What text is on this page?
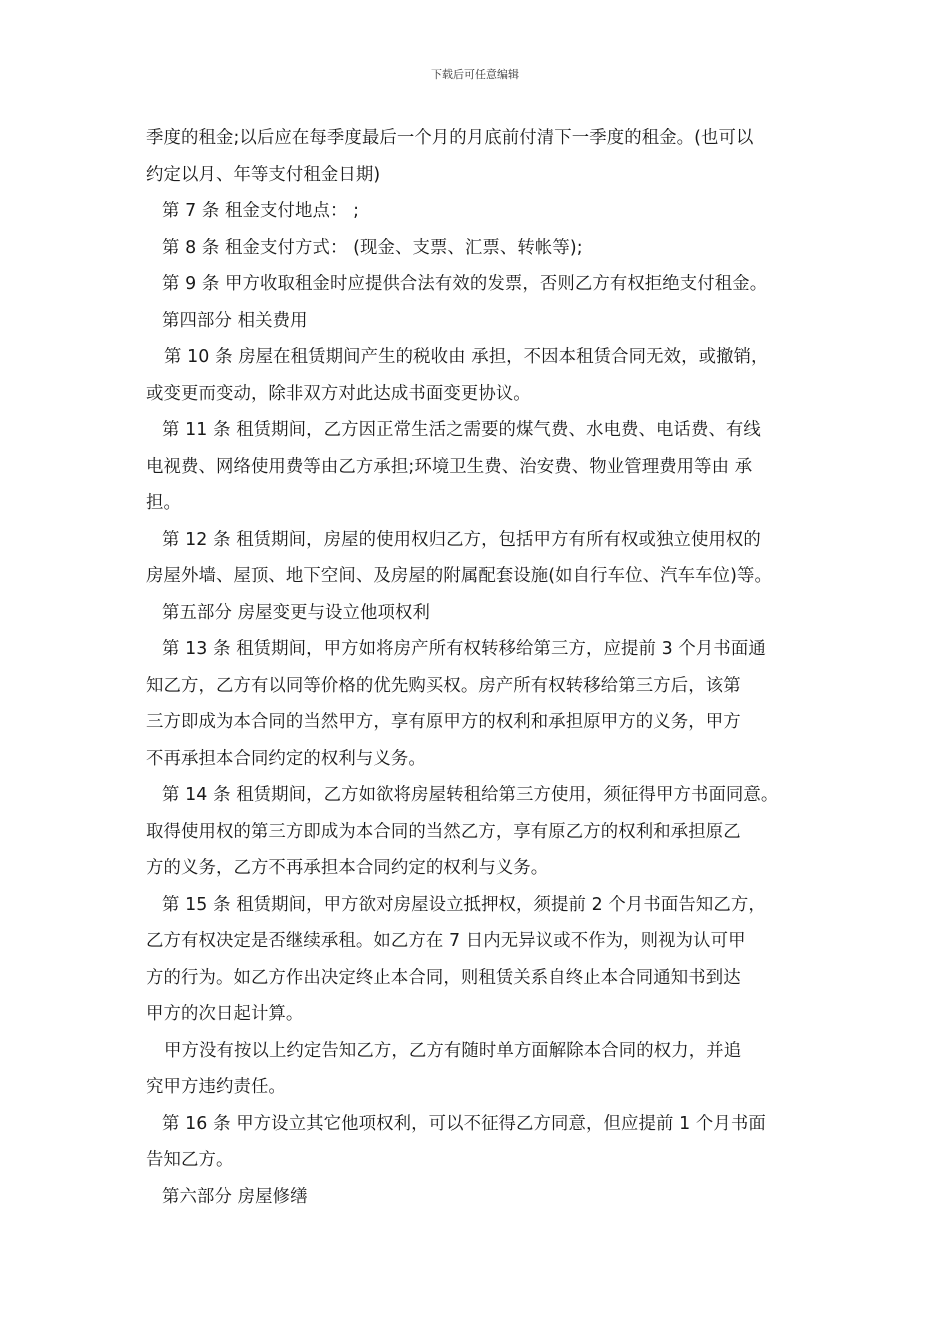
下载后可任意编辑
季度的租金;以后应在每季度最后一个月的月底前付清下一季度的租金。(也可以
约定以月、年等支付租金日期)
第 7 条 租金支付地点： ;
第 8 条 租金支付方式： (现金、支票、汇票、转帐等);
第 9 条 甲方收取租金时应提供合法有效的发票，否则乙方有权拒绝支付租金。
第四部分 相关费用
第 10 条 房屋在租赁期间产生的税收由 承担，不因本租赁合同无效，或撤销，
或变更而变动，除非双方对此达成书面变更协议。
第 11 条 租赁期间，乙方因正常生活之需要的煤气费、水电费、电话费、有线
电视费、网络使用费等由乙方承担;环境卫生费、治安费、物业管理费用等由 承
担。
第 12 条 租赁期间，房屋的使用权归乙方，包括甲方有所有权或独立使用权的
房屋外墙、屋顶、地下空间、及房屋的附属配套设施(如自行车位、汽车车位)等。
第五部分 房屋变更与设立他项权利
第 13 条 租赁期间，甲方如将房产所有权转移给第三方，应提前 3 个月书面通
知乙方，乙方有以同等价格的优先购买权。房产所有权转移给第三方后，该第
三方即成为本合同的当然甲方，享有原甲方的权利和承担原甲方的义务，甲方
不再承担本合同约定的权利与义务。
第 14 条 租赁期间，乙方如欲将房屋转租给第三方使用，须征得甲方书面同意。
取得使用权的第三方即成为本合同的当然乙方，享有原乙方的权利和承担原乙
方的义务，乙方不再承担本合同约定的权利与义务。
第 15 条 租赁期间，甲方欲对房屋设立抵押权，须提前 2 个月书面告知乙方，
乙方有权决定是否继续承租。如乙方在 7 日内无异议或不作为，则视为认可甲
方的行为。如乙方作出决定终止本合同，则租赁关系自终止本合同通知书到达
甲方的次日起计算。
甲方没有按以上约定告知乙方，乙方有随时单方面解除本合同的权力，并追
究甲方违约责任。
第 16 条 甲方设立其它他项权利，可以不征得乙方同意，但应提前 1 个月书面
告知乙方。
第六部分 房屋修缮
